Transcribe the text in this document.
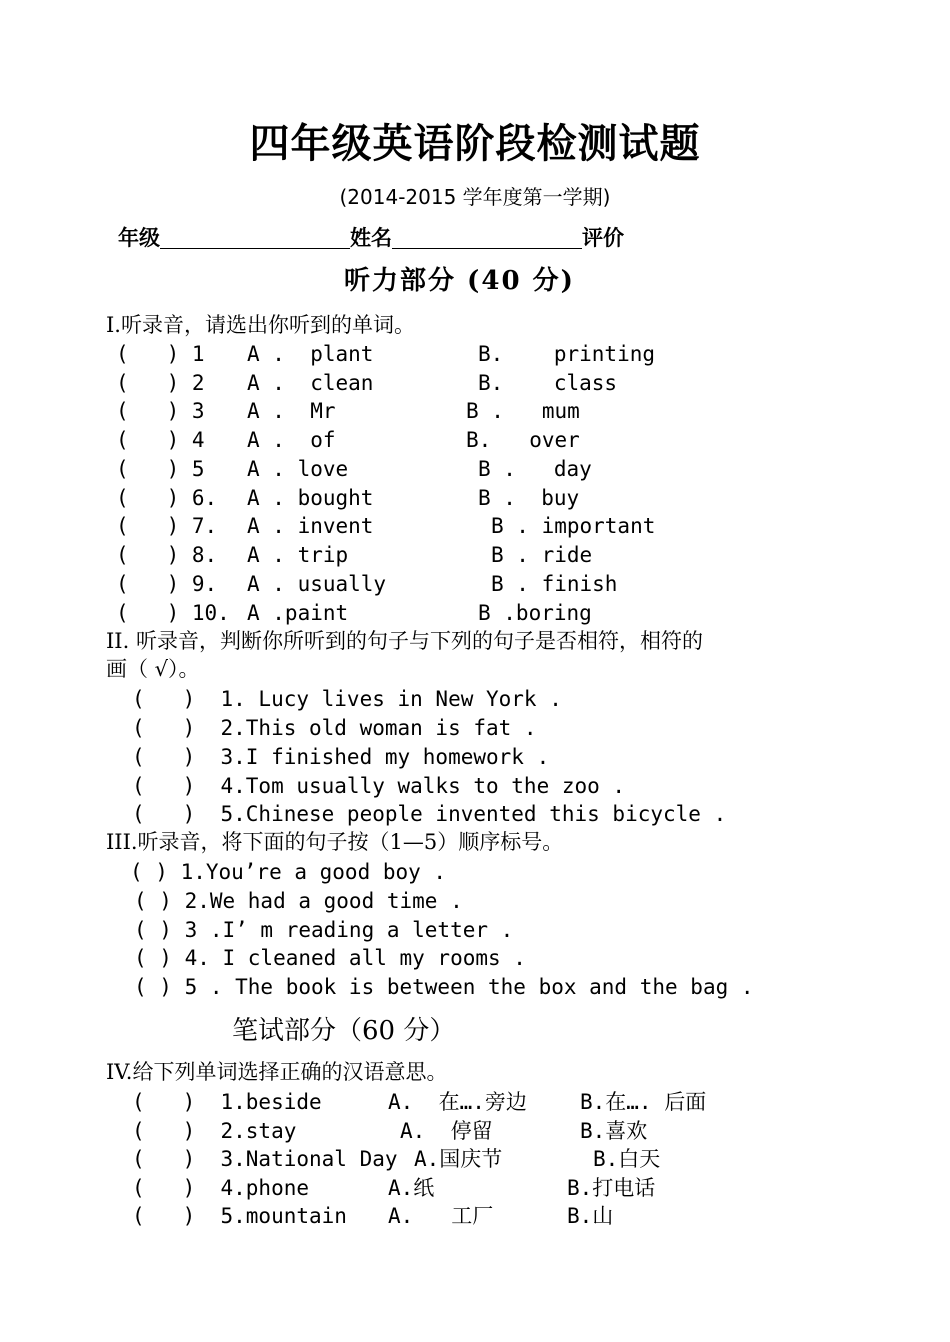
四年级英语阶段检测试题
(2014-2015 学年度第一学期)
年级	姓名	评价
听力部分 (40 分)
I.听录音，请选出你听到的单词。
(   ) 1 A .  plant	B.    printing
(   ) 2 A .  clean	B.    class
(   ) 3 A .  Mr	B .   mum
(   ) 4 A .  of	B.   over
(   ) 5 A . love	B .   day
(   ) 6. A . bought	B .  buy
(   ) 7. A . invent	B . important
(   ) 8. A . trip	B . ride
(   ) 9. A . usually	B . finish
(   ) 10. A .paint	B .boring
II. 听录音，判断你所听到的句子与下列的句子是否相符，相符的
画（ √）。
(   )  1. Lucy lives in New York .
(   )  2.This old woman is fat .
(   )  3.I finished my homework .
(   )  4.Tom usually walks to the zoo .
(   )  5.Chinese people invented this bicycle .
III.听录音，将下面的句子按（1—5）顺序标号。
( ) 1.You’re a good boy .
( ) 2.We had a good time .
( ) 3 .I’ m reading a letter .
( ) 4. I cleaned all my rooms .
( ) 5 . The book is between the box and the bag .
笔试部分（60 分）
IV.给下列单词选择正确的汉语意思。
(   )  1.beside	A.  在….旁边	B.在…. 后面
(   )  2.stay	A.  停留	B.喜欢
(   )  3.National Day A.国庆节	B.白天
(   )  4.phone	A.纸	B.打电话
(   )  5.mountain A.   工厂	B.山
